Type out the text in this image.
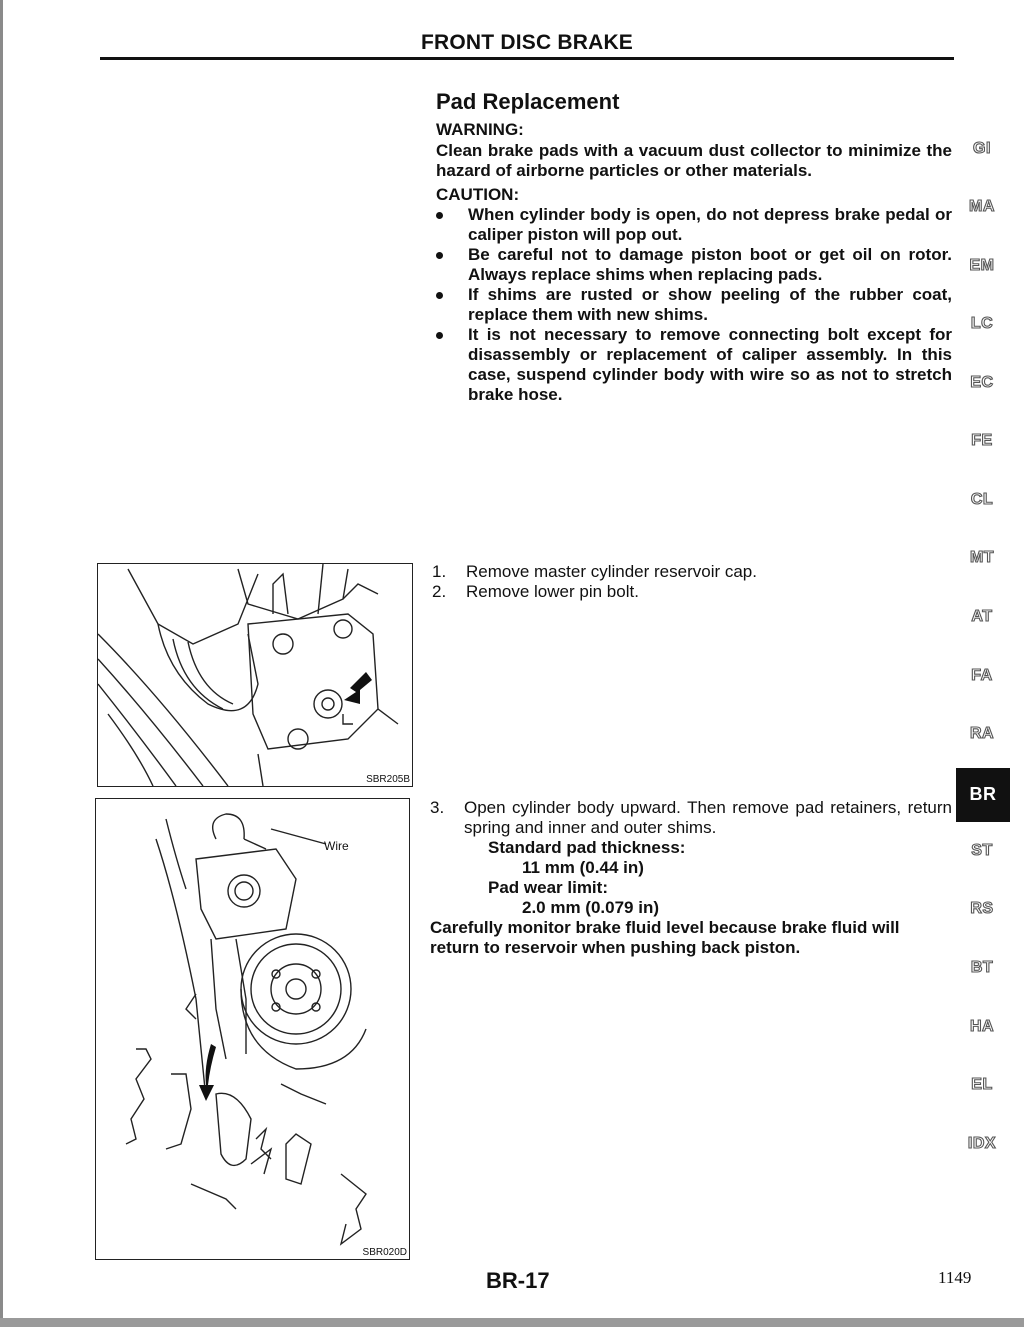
FRONT DISC BRAKE
Pad Replacement
WARNING:
Clean brake pads with a vacuum dust collector to minimize the hazard of airborne particles or other materials.
CAUTION:
When cylinder body is open, do not depress brake pedal or caliper piston will pop out.
Be careful not to damage piston boot or get oil on rotor. Always replace shims when replacing pads.
If shims are rusted or show peeling of the rubber coat, replace them with new shims.
It is not necessary to remove connecting bolt except for disassembly or replacement of caliper assembly. In this case, suspend cylinder body with wire so as not to stretch brake hose.
SBR205B
Wire
SBR020D
1. Remove master cylinder reservoir cap.
2. Remove lower pin bolt.
3.	Open cylinder body upward. Then remove pad retainers, return spring and inner and outer shims.
Standard pad thickness:
11 mm (0.44 in)
Pad wear limit:
2.0 mm (0.079 in)
Carefully monitor brake fluid level because brake fluid will return to reservoir when pushing back piston.
GI
MA
EM
LC
EC
FE
CL
MT
AT
FA
RA
BR
ST
RS
BT
HA
EL
IDX
BR-17	1149
